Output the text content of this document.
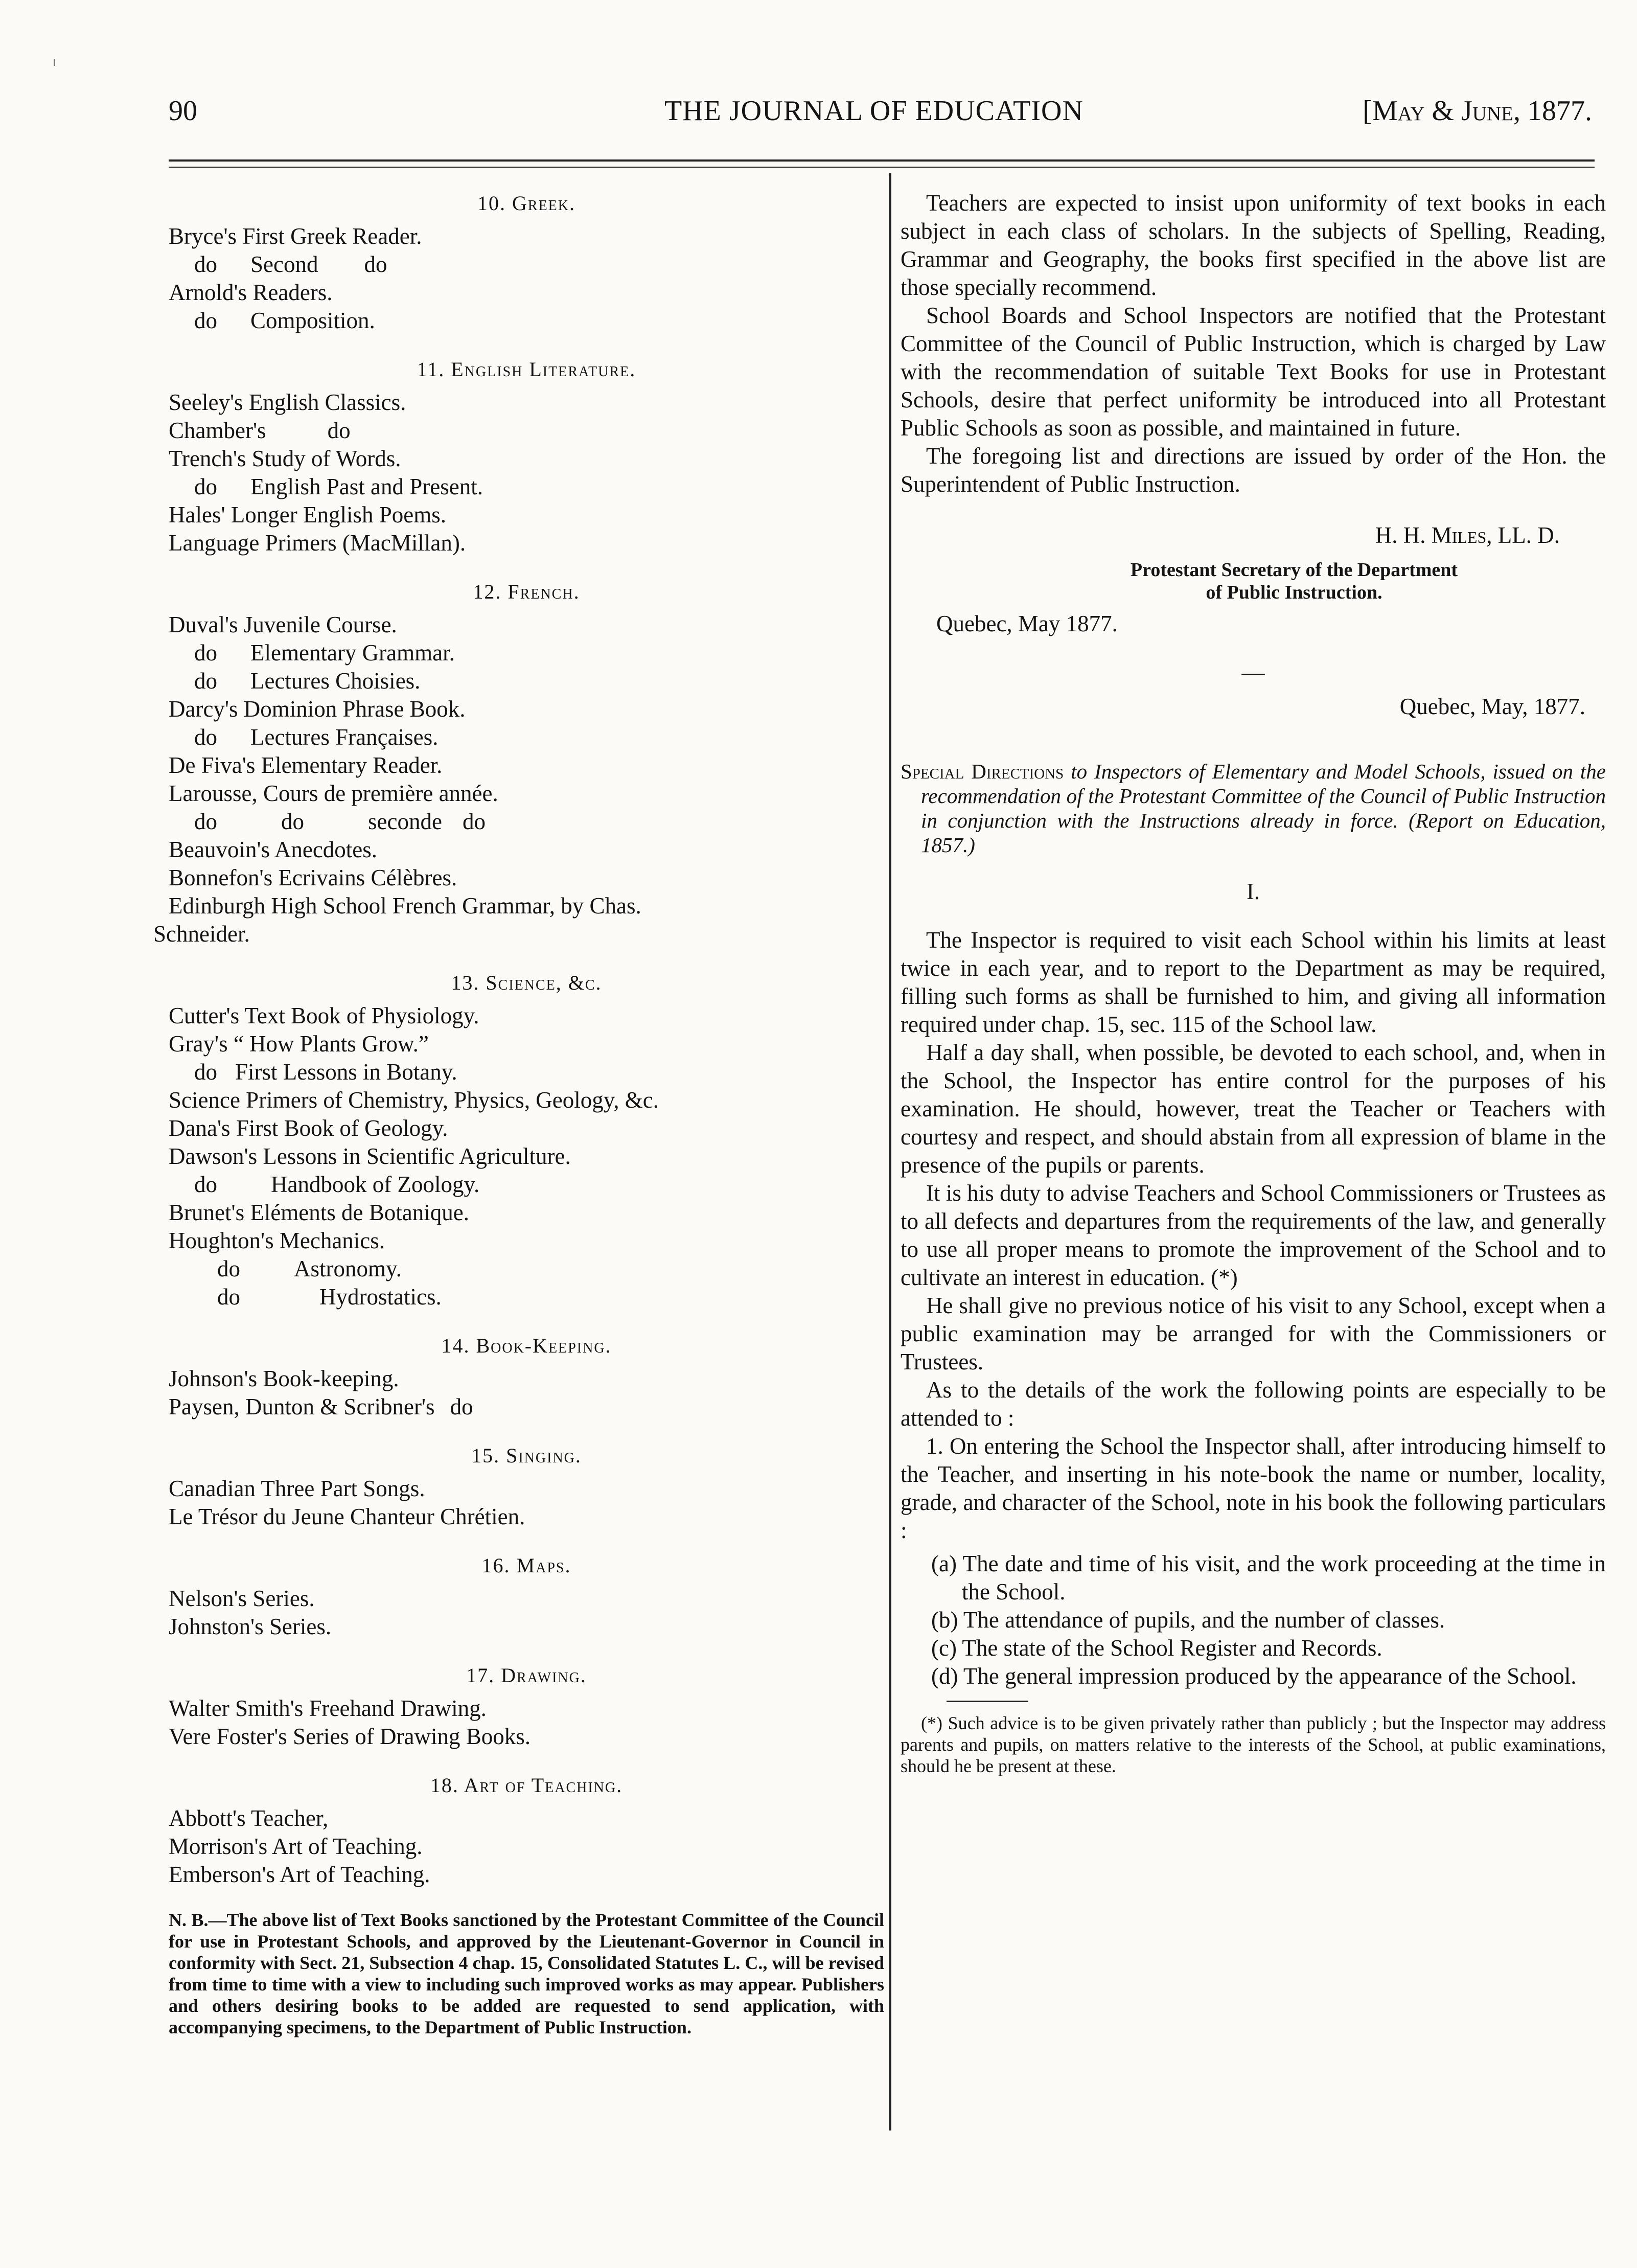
90	THE JOURNAL OF EDUCATION	[May & June, 1877.
10. Greek.
Bryce's First Greek Reader.
do Second do
Arnold's Readers.
do Composition.
11. English Literature.
Seeley's English Classics.
Chamber's	do
Trench's Study of Words.
do English Past and Present.
Hales' Longer English Poems.
Language Primers (MacMillan).
12. French.
Duval's Juvenile Course.
do Elementary Grammar.
do Lectures Choisies.
Darcy's Dominion Phrase Book.
do Lectures Françaises.
De Fiva's Elementary Reader.
Larousse, Cours de première année.
do	do	seconde do
Beauvoin's Anecdotes.
Bonnefon's Ecrivains Célèbres.
Edinburgh High School French Grammar, by Chas.
Schneider.
13. Science, &c.
Cutter's Text Book of Physiology.
Gray's “ How Plants Grow.”
do First Lessons in Botany.
Science Primers of Chemistry, Physics, Geology, &c.
Dana's First Book of Geology.
Dawson's Lessons in Scientific Agriculture.
do Handbook of Zoology.
Brunet's Eléments de Botanique.
Houghton's Mechanics.
do Astronomy.
do	Hydrostatics.
14. Book-Keeping.
Johnson's Book-keeping.
Paysen, Dunton & Scribner's do
15. Singing.
Canadian Three Part Songs.
Le Trésor du Jeune Chanteur Chrétien.
16. Maps.
Nelson's Series.
Johnston's Series.
17. Drawing.
Walter Smith's Freehand Drawing.
Vere Foster's Series of Drawing Books.
18. Art of Teaching.
Abbott's Teacher,
Morrison's Art of Teaching.
Emberson's Art of Teaching.
N. B.—The above list of Text Books sanctioned by the Protestant Committee of the Council for use in Protestant Schools, and approved by the Lieutenant-Governor in Council in conformity with Sect. 21, Subsection 4 chap. 15, Consolidated Statutes L. C., will be revised from time to time with a view to including such improved works as may appear. Publishers and others desiring books to be added are requested to send application, with accompanying specimens, to the Department of Public Instruction.

Teachers are expected to insist upon uniformity of text books in each subject in each class of scholars. In the subjects of Spelling, Reading, Grammar and Geography, the books first specified in the above list are those specially recommend.

School Boards and School Inspectors are notified that the Protestant Committee of the Council of Public Instruction, which is charged by Law with the recommendation of suitable Text Books for use in Protestant Schools, desire that perfect uniformity be introduced into all Protestant Public Schools as soon as possible, and maintained in future.

The foregoing list and directions are issued by order of the Hon. the Superintendent of Public Instruction.

H. H. Miles, LL. D.
Protestant Secretary of the Department
of Public Instruction.
Quebec, May 1877.
—
Quebec, May, 1877.
Special Directions to Inspectors of Elementary and Model Schools, issued on the recommendation of the Protestant Committee of the Council of Public Instruction in conjunction with the Instructions already in force. (Report on Education, 1857.)
I.

The Inspector is required to visit each School within his limits at least twice in each year, and to report to the Department as may be required, filling such forms as shall be furnished to him, and giving all information required under chap. 15, sec. 115 of the School law.

Half a day shall, when possible, be devoted to each school, and, when in the School, the Inspector has entire control for the purposes of his examination. He should, however, treat the Teacher or Teachers with courtesy and respect, and should abstain from all expression of blame in the presence of the pupils or parents.

It is his duty to advise Teachers and School Commissioners or Trustees as to all defects and departures from the requirements of the law, and generally to use all proper means to promote the improvement of the School and to cultivate an interest in education. (*)

He shall give no previous notice of his visit to any School, except when a public examination may be arranged for with the Commissioners or Trustees.

As to the details of the work the following points are especially to be attended to :

1. On entering the School the Inspector shall, after introducing himself to the Teacher, and inserting in his note-book the name or number, locality, grade, and character of the School, note in his book the following particulars :

(a) The date and time of his visit, and the work proceeding at the time in the School.

(b) The attendance of pupils, and the number of classes.

(c) The state of the School Register and Records.

(d) The general impression produced by the appearance of the School.

(*) Such advice is to be given privately rather than publicly ; but the Inspector may address parents and pupils, on matters relative to the interests of the School, at public examinations, should he be present at these.
